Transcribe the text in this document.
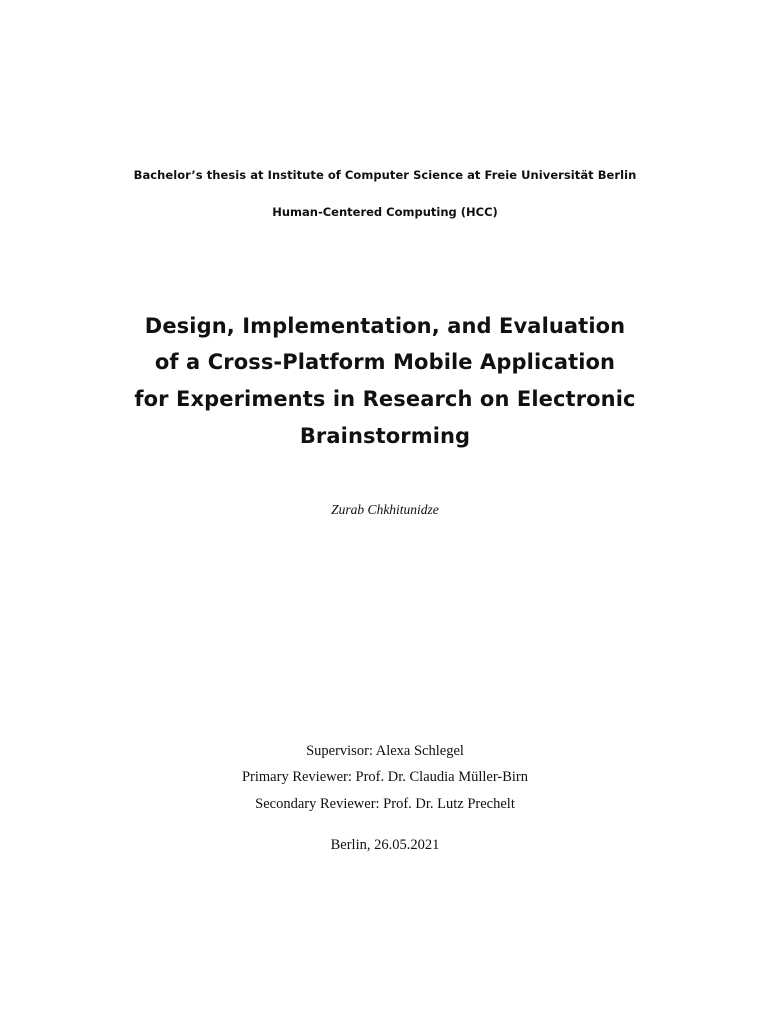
Bachelor’s thesis at Institute of Computer Science at Freie Universität Berlin
Human-Centered Computing (HCC)
Design, Implementation, and Evaluation
of a Cross-Platform Mobile Application
for Experiments in Research on Electronic
Brainstorming
Zurab Chkhitunidze
Supervisor: Alexa Schlegel
Primary Reviewer: Prof. Dr. Claudia Müller-Birn
Secondary Reviewer: Prof. Dr. Lutz Prechelt
Berlin, 26.05.2021
